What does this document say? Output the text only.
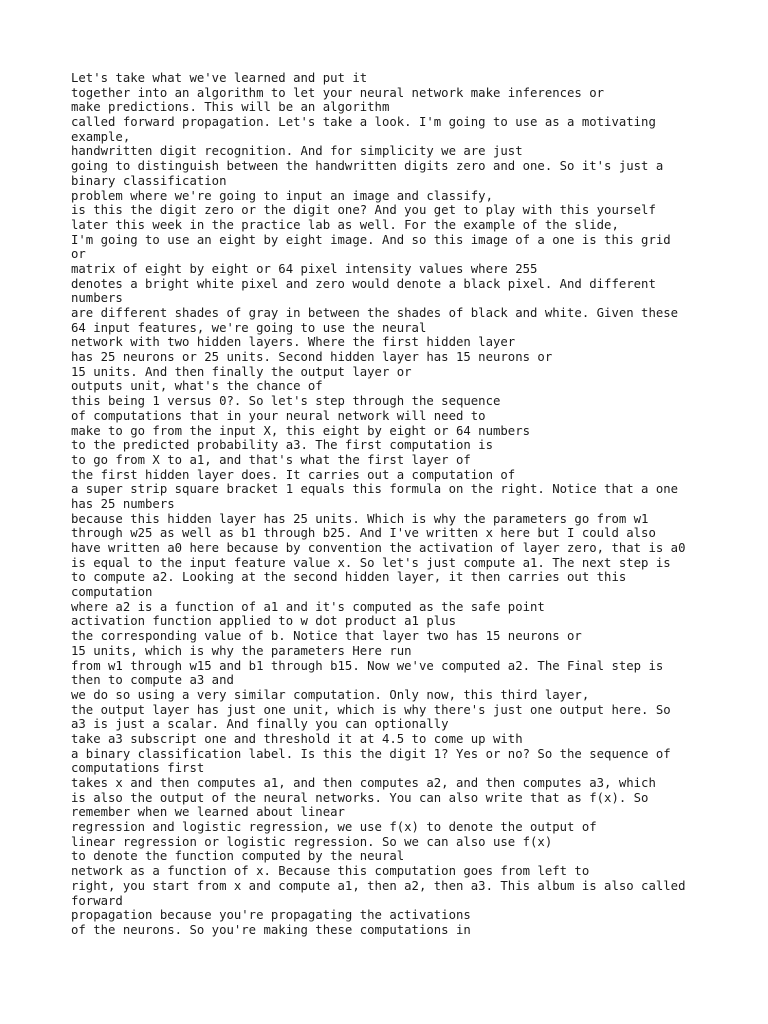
Let's take what we've learned and put it

together into an algorithm to let your neural network make inferences or

make predictions. This will be an algorithm

called forward propagation. Let's take a look. I'm going to use as a motivating

example,

handwritten digit recognition. And for simplicity we are just

going to distinguish between the handwritten digits zero and one. So it's just a

binary classification

problem where we're going to input an image and classify,

is this the digit zero or the digit one? And you get to play with this yourself

later this week in the practice lab as well. For the example of the slide,

I'm going to use an eight by eight image. And so this image of a one is this grid

or

matrix of eight by eight or 64 pixel intensity values where 255

denotes a bright white pixel and zero would denote a black pixel. And different

numbers

are different shades of gray in between the shades of black and white. Given these

64 input features, we're going to use the neural

network with two hidden layers. Where the first hidden layer

has 25 neurons or 25 units. Second hidden layer has 15 neurons or

15 units. And then finally the output layer or

outputs unit, what's the chance of

this being 1 versus 0?. So let's step through the sequence

of computations that in your neural network will need to

make to go from the input X, this eight by eight or 64 numbers

to the predicted probability a3. The first computation is

to go from X to a1, and that's what the first layer of

the first hidden layer does. It carries out a computation of

a super strip square bracket 1 equals this formula on the right. Notice that a one

has 25 numbers

because this hidden layer has 25 units. Which is why the parameters go from w1

through w25 as well as b1 through b25. And I've written x here but I could also

have written a0 here because by convention the activation of layer zero, that is a0

is equal to the input feature value x. So let's just compute a1. The next step is

to compute a2. Looking at the second hidden layer, it then carries out this

computation

where a2 is a function of a1 and it's computed as the safe point

activation function applied to w dot product a1 plus

the corresponding value of b. Notice that layer two has 15 neurons or

15 units, which is why the parameters Here run

from w1 through w15 and b1 through b15. Now we've computed a2. The Final step is

then to compute a3 and

we do so using a very similar computation. Only now, this third layer,

the output layer has just one unit, which is why there's just one output here. So

a3 is just a scalar. And finally you can optionally

take a3 subscript one and threshold it at 4.5 to come up with

a binary classification label. Is this the digit 1? Yes or no? So the sequence of

computations first

takes x and then computes a1, and then computes a2, and then computes a3, which

is also the output of the neural networks. You can also write that as f(x). So

remember when we learned about linear

regression and logistic regression, we use f(x) to denote the output of

linear regression or logistic regression. So we can also use f(x)

to denote the function computed by the neural

network as a function of x. Because this computation goes from left to

right, you start from x and compute a1, then a2, then a3. This album is also called

forward

propagation because you're propagating the activations

of the neurons. So you're making these computations in
